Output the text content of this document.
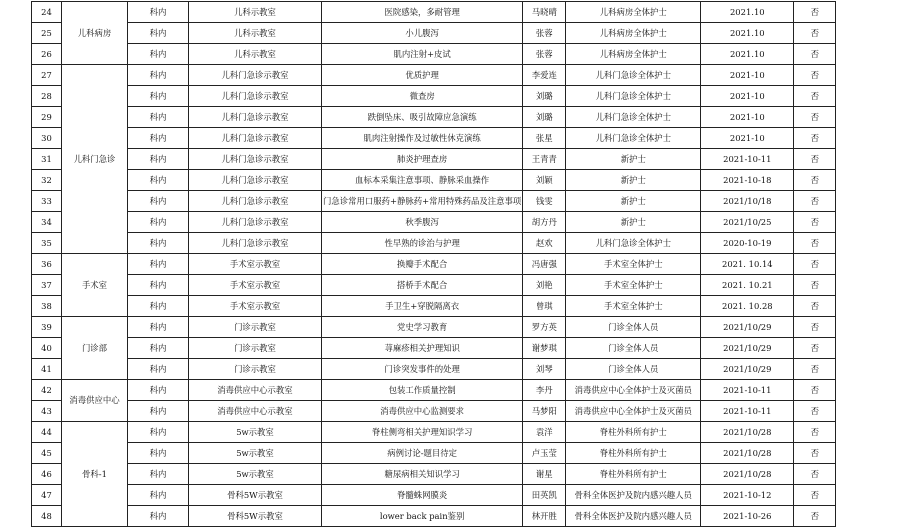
24	儿科病房	科内	儿科示教室	医院感染，多耐管理	马晓晴	儿科病房全体护士	2021.10	否
25		科内	儿科示教室	小儿腹泻	张蓉	儿科病房全体护士	2021.10	否
26		科内	儿科示教室	肌内注射+皮试	张蓉	儿科病房全体护士	2021.10	否
27	儿科门急诊	科内	儿科门急诊示教室	优质护理	李爱连	儿科门急诊全体护士	2021-10	否
28		科内	儿科门急诊示教室	微查房	刘璐	儿科门急诊全体护士	2021-10	否
29		科内	儿科门急诊示教室	跌倒坠床、吸引故障应急演练	刘璐	儿科门急诊全体护士	2021-10	否
30		科内	儿科门急诊示教室	肌肉注射操作及过敏性休克演练	张星	儿科门急诊全体护士	2021-10	否
31		科内	儿科门急诊示教室	肺炎护理查房	王青青	新护士	2021-10-11	否
32		科内	儿科门急诊示教室	血标本采集注意事项、静脉采血操作	刘颖	新护士	2021-10-18	否
33		科内	儿科门急诊示教室	门急诊常用口服药+静脉药+常用特殊药品及注意事项	钱雯	新护士	2021/10/18	否
34		科内	儿科门急诊示教室	秋季腹泻	胡方丹	新护士	2021/10/25	否
35		科内	儿科门急诊示教室	性早熟的诊治与护理	赵欢	儿科门急诊全体护士	2020-10-19	否
36	手术室	科内	手术室示教室	换瓣手术配合	冯唐强	手术室全体护士	2021. 10.14	否
37		科内	手术室示教室	搭桥手术配合	刘艳	手术室全体护士	2021. 10.21	否
38		科内	手术室示教室	手卫生+穿脱隔离衣	曾琪	手术室全体护士	2021. 10.28	否
39	门诊部	科内	门诊示教室	党史学习教育	罗方英	门诊全体人员	2021/10/29	否
40		科内	门诊示教室	荨麻疹相关护理知识	谢梦琪	门诊全体人员	2021/10/29	否
41		科内	门诊示教室	门诊突发事件的处理	刘琴	门诊全体人员	2021/10/29	否
42	消毒供应中心	科内	消毒供应中心示教室	包装工作质量控制	李丹	消毒供应中心全体护士及灭菌员	2021-10-11	否
43		科内	消毒供应中心示教室	消毒供应中心监测要求	马梦阳	消毒供应中心全体护士及灭菌员	2021-10-11	否
44	骨科-1	科内	5w示教室	脊柱侧弯相关护理知识学习	袁洋	脊柱外科所有护士	2021/10/28	否
45		科内	5w示教室	病例讨论-题目待定	卢玉莹	脊柱外科所有护士	2021/10/28	否
46		科内	5w示教室	糖尿病相关知识学习	谢星	脊柱外科所有护士	2021/10/28	否
47		科内	骨科5W示教室	脊髓蛛网膜炎	田英凯	骨科全体医护及院内感兴趣人员	2021-10-12	否
48		科内	骨科5W示教室	lower back pain鉴别	林开胜	骨科全体医护及院内感兴趣人员	2021-10-26	否
